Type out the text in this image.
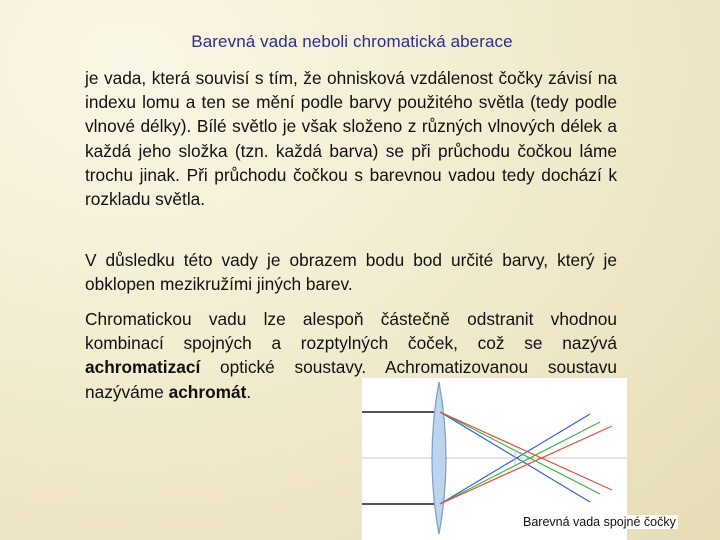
Barevná vada neboli chromatická aberace

je vada, která souvisí s tím, že ohnisková vzdálenost čočky závisí na indexu lomu a ten se mění podle barvy použitého světla (tedy podle vlnové délky). Bílé světlo je však složeno z různých vlnových délek a každá jeho složka (tzn. každá barva) se při průchodu čočkou láme trochu jinak. Při průchodu čočkou s barevnou vadou tedy dochází k rozkladu světla.

V důsledku této vady je obrazem bodu bod určité barvy, který je obklopen mezikružími jiných barev.

Chromatickou vadu lze alespoň částečně odstranit vhodnou kombinací spojných a rozptylných čoček, což se nazývá achromatizací optické soustavy. Achromatizovanou soustavu nazýváme achromát.

Barevná vada spojné čočky
